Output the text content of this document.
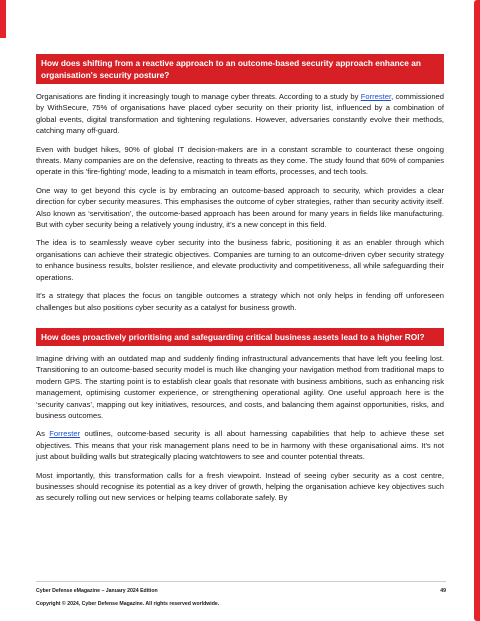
How does shifting from a reactive approach to an outcome-based security approach enhance an organisation's security posture?

Organisations are finding it increasingly tough to manage cyber threats. According to a study by Forrester, commissioned by WithSecure, 75% of organisations have placed cyber security on their priority list, influenced by a combination of global events, digital transformation and tightening regulations. However, adversaries constantly evolve their methods, catching many off-guard.

Even with budget hikes, 90% of global IT decision-makers are in a constant scramble to counteract these ongoing threats. Many companies are on the defensive, reacting to threats as they come. The study found that 60% of companies operate in this 'fire-fighting' mode, leading to a mismatch in team efforts, processes, and tech tools.

One way to get beyond this cycle is by embracing an outcome-based approach to security, which provides a clear direction for cyber security measures. This emphasises the outcome of cyber strategies, rather than security activity itself. Also known as ‘servitisation’, the outcome-based approach has been around for many years in fields like manufacturing. But with cyber security being a relatively young industry, it’s a new concept in this field.

The idea is to seamlessly weave cyber security into the business fabric, positioning it as an enabler through which organisations can achieve their strategic objectives. Companies are turning to an outcome-driven cyber security strategy to enhance business results, bolster resilience, and elevate productivity and competitiveness, all while safeguarding their operations.

It's a strategy that places the focus on tangible outcomes a strategy which not only helps in fending off unforeseen challenges but also positions cyber security as a catalyst for business growth.

How does proactively prioritising and safeguarding critical business assets lead to a higher ROI?

Imagine driving with an outdated map and suddenly finding infrastructural advancements that have left you feeling lost. Transitioning to an outcome-based security model is much like changing your navigation method from traditional maps to modern GPS. The starting point is to establish clear goals that resonate with business ambitions, such as enhancing risk management, optimising customer experience, or strengthening operational agility. One useful approach here is the ‘security canvas’, mapping out key initiatives, resources, and costs, and balancing them against opportunities, risks, and business outcomes.

As Forrester outlines, outcome-based security is all about harnessing capabilities that help to achieve these set objectives. This means that your risk management plans need to be in harmony with these organisational aims. It's not just about building walls but strategically placing watchtowers to see and counter potential threats.

Most importantly, this transformation calls for a fresh viewpoint. Instead of seeing cyber security as a cost centre, businesses should recognise its potential as a key driver of growth, helping the organisation achieve key objectives such as securely rolling out new services or helping teams collaborate safely. By

Cyber Defense eMagazine – January 2024 Edition	49
Copyright © 2024, Cyber Defense Magazine. All rights reserved worldwide.
